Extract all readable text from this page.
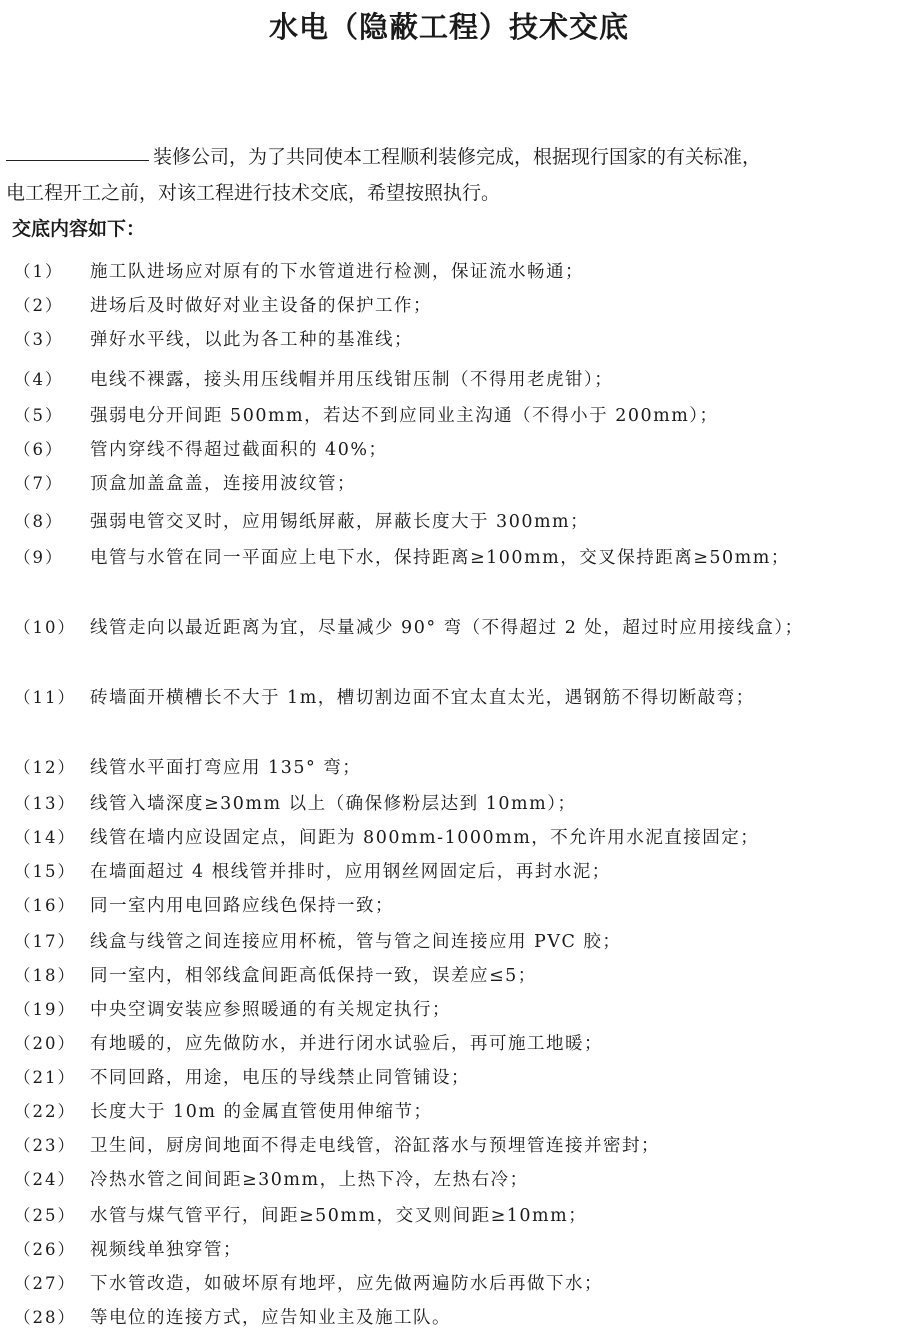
水电（隐蔽工程）技术交底
装修公司，为了共同使本工程顺利装修完成，根据现行国家的有关标准，
电工程开工之前，对该工程进行技术交底，希望按照执行。
交底内容如下：
（1） 施工队进场应对原有的下水管道进行检测，保证流水畅通；
（2） 进场后及时做好对业主设备的保护工作；
（3） 弹好水平线，以此为各工种的基准线；
（4） 电线不裸露，接头用压线帽并用压线钳压制（不得用老虎钳）；
（5） 强弱电分开间距 500mm，若达不到应同业主沟通（不得小于 200mm）；
（6） 管内穿线不得超过截面积的 40%；
（7） 顶盒加盖盒盖，连接用波纹管；
（8） 强弱电管交叉时，应用锡纸屏蔽，屏蔽长度大于 300mm；
（9） 电管与水管在同一平面应上电下水，保持距离≥100mm，交叉保持距离≥50mm；
（10） 线管走向以最近距离为宜，尽量减少 90° 弯（不得超过 2 处，超过时应用接线盒）；
（11） 砖墙面开横槽长不大于 1m，槽切割边面不宜太直太光，遇钢筋不得切断敲弯；
（12） 线管水平面打弯应用 135° 弯；
（13） 线管入墙深度≥30mm 以上（确保修粉层达到 10mm）；
（14） 线管在墙内应设固定点，间距为 800mm-1000mm，不允许用水泥直接固定；
（15） 在墙面超过 4 根线管并排时，应用钢丝网固定后，再封水泥；
（16） 同一室内用电回路应线色保持一致；
（17） 线盒与线管之间连接应用杯梳，管与管之间连接应用 PVC 胶；
（18） 同一室内，相邻线盒间距高低保持一致，误差应≤5；
（19） 中央空调安装应参照暖通的有关规定执行；
（20） 有地暖的，应先做防水，并进行闭水试验后，再可施工地暖；
（21） 不同回路，用途，电压的导线禁止同管铺设；
（22） 长度大于 10m 的金属直管使用伸缩节；
（23） 卫生间，厨房间地面不得走电线管，浴缸落水与预埋管连接并密封；
（24） 冷热水管之间间距≥30mm，上热下冷，左热右冷；
（25） 水管与煤气管平行，间距≥50mm，交叉则间距≥10mm；
（26） 视频线单独穿管；
（27） 下水管改造，如破坏原有地坪，应先做两遍防水后再做下水；
（28） 等电位的连接方式，应告知业主及施工队。
